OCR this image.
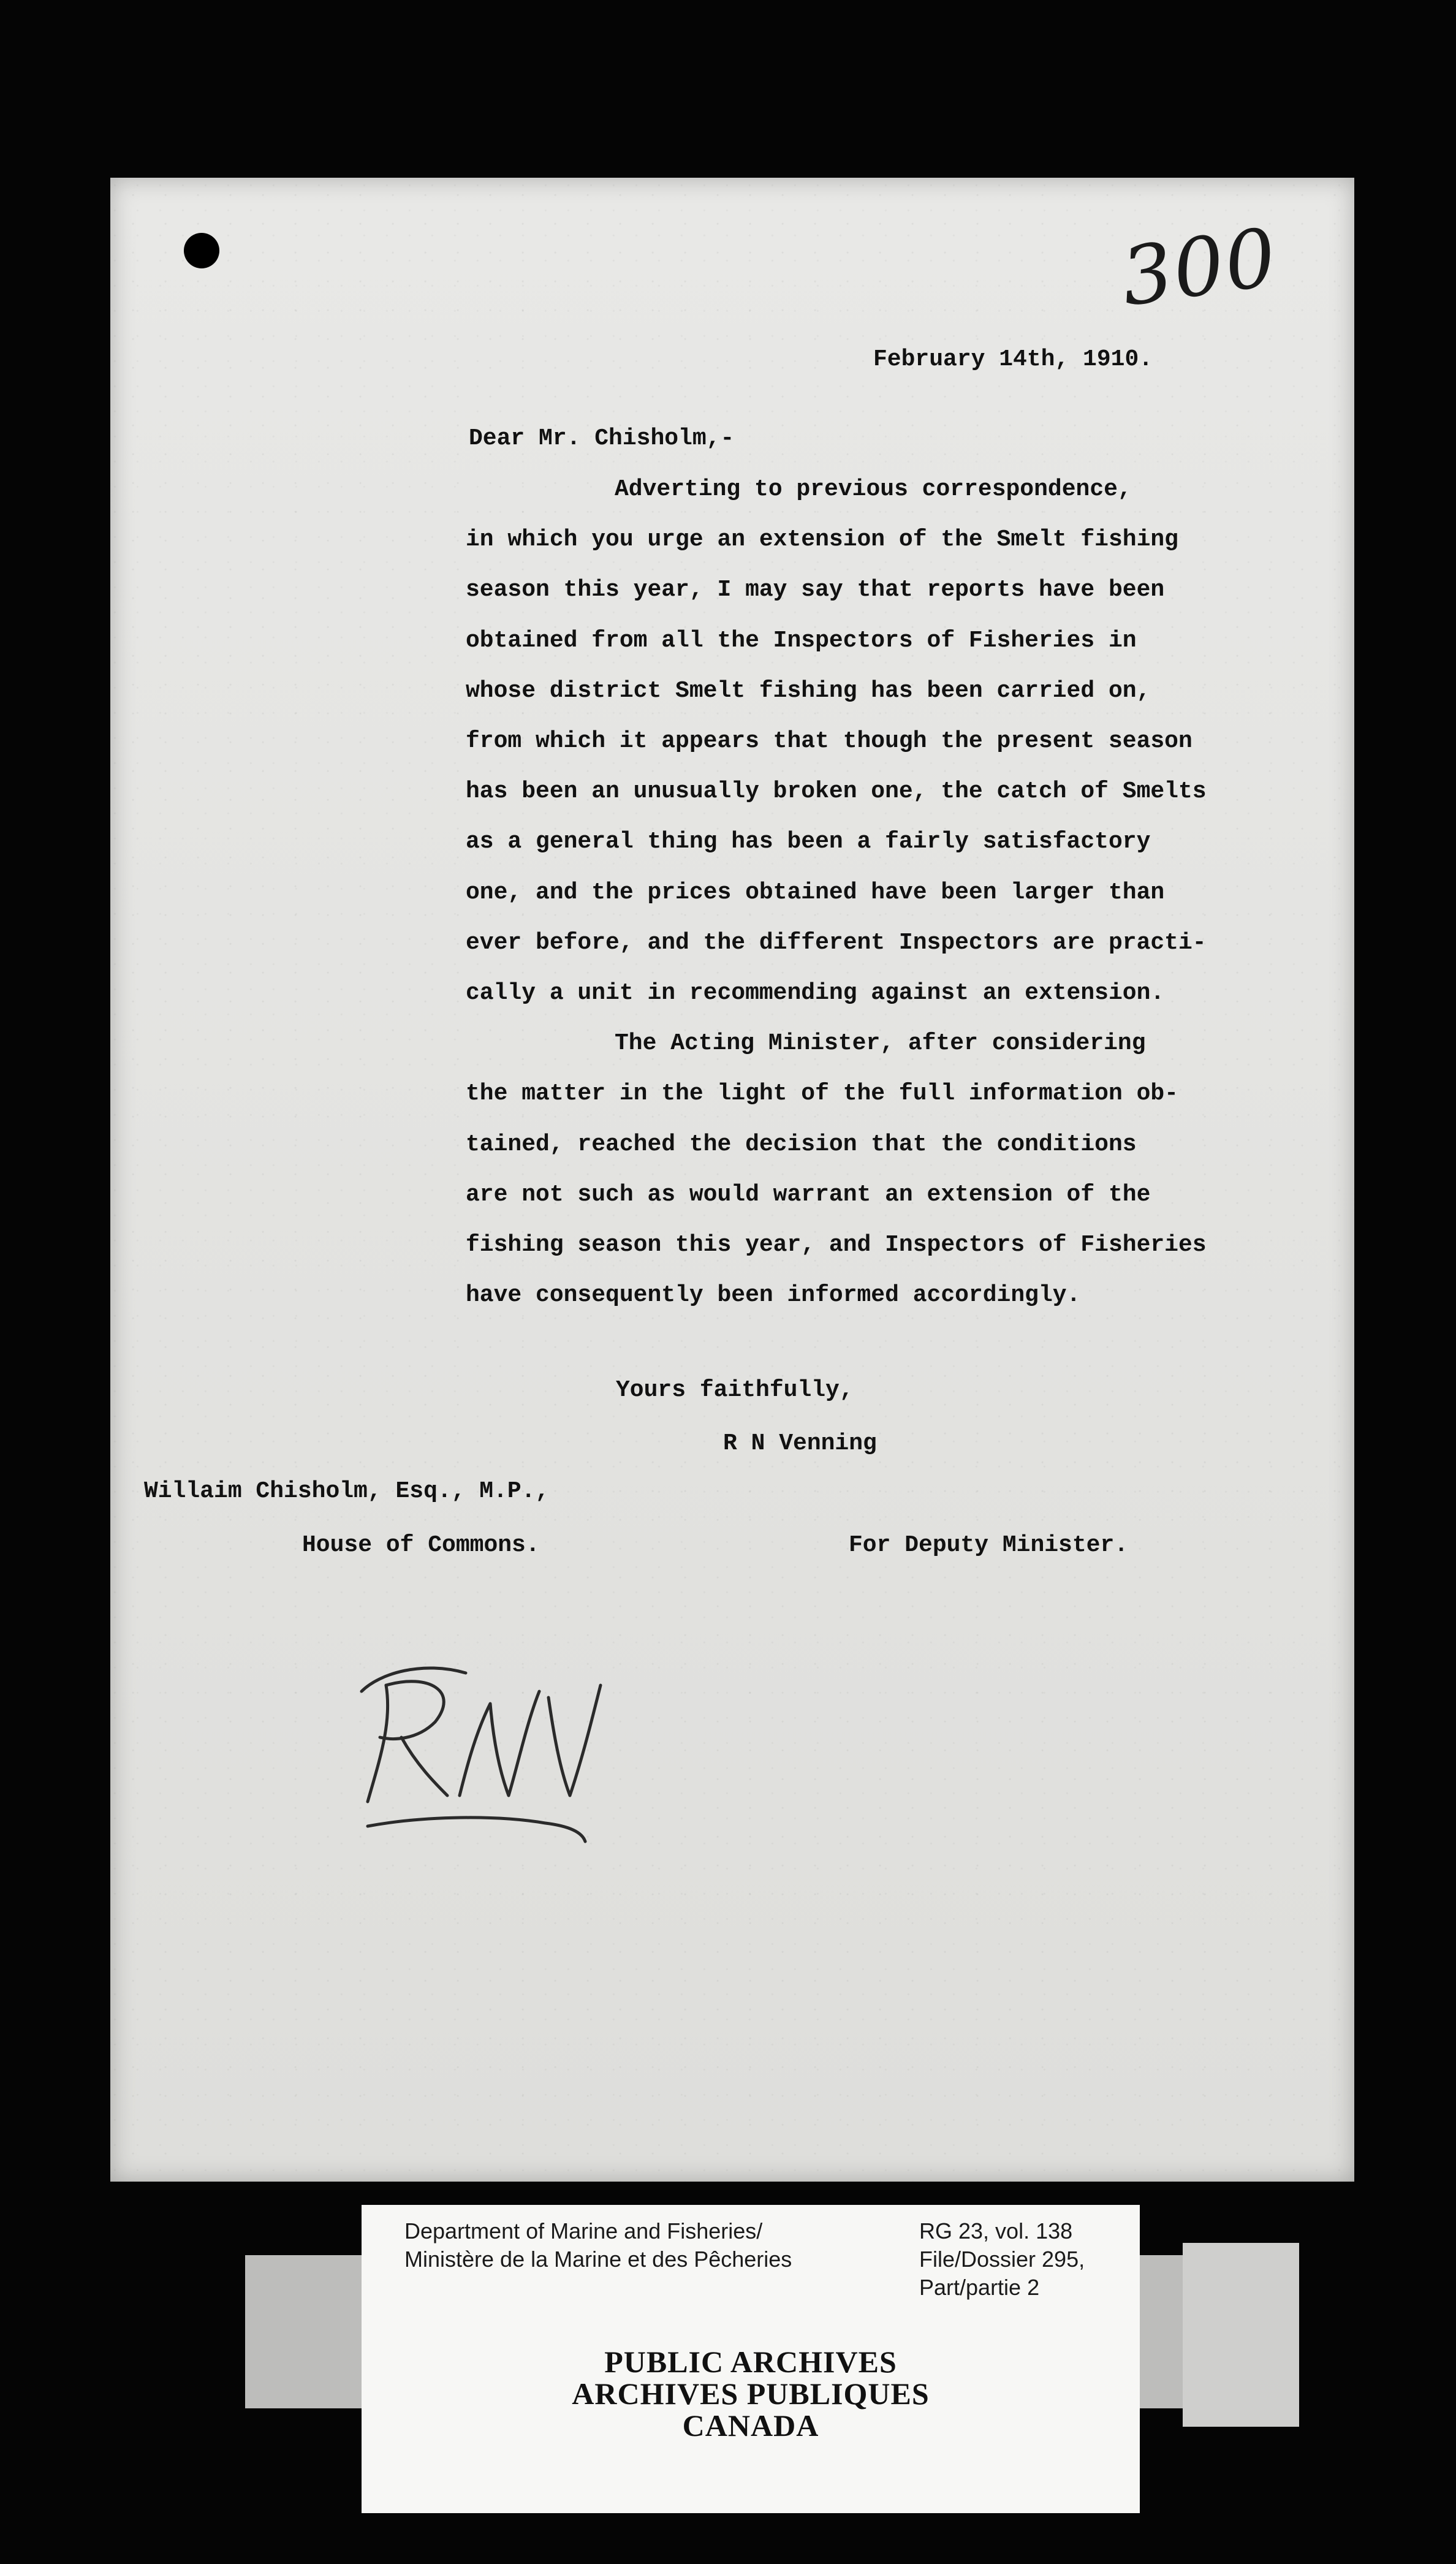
300
February 14th, 1910.
Dear Mr. Chisholm,-
Adverting to previous correspondence,
in which you urge an extension of the Smelt fishing
season this year, I may say that reports have been
obtained from all the Inspectors of Fisheries in
whose district Smelt fishing has been carried on,
from which it appears that though the present season
has been an unusually broken one, the catch of Smelts
as a general thing has been a fairly satisfactory
one, and the prices obtained have been larger than
ever before, and the different Inspectors are practi-
cally a unit in recommending against an extension.
The Acting Minister, after considering
the matter in the light of the full information ob-
tained, reached the decision that the conditions
are not such as would warrant an extension of the
fishing season this year, and Inspectors of Fisheries
have consequently been informed accordingly.
Yours faithfully,
R N Venning
Willaim Chisholm, Esq., M.P.,
House of Commons.	For Deputy Minister.
Department of Marine and Fisheries/
Ministère de la Marine et des Pêcheries
RG 23, vol. 138
File/Dossier 295,
Part/partie 2
PUBLIC ARCHIVES
ARCHIVES PUBLIQUES
CANADA
